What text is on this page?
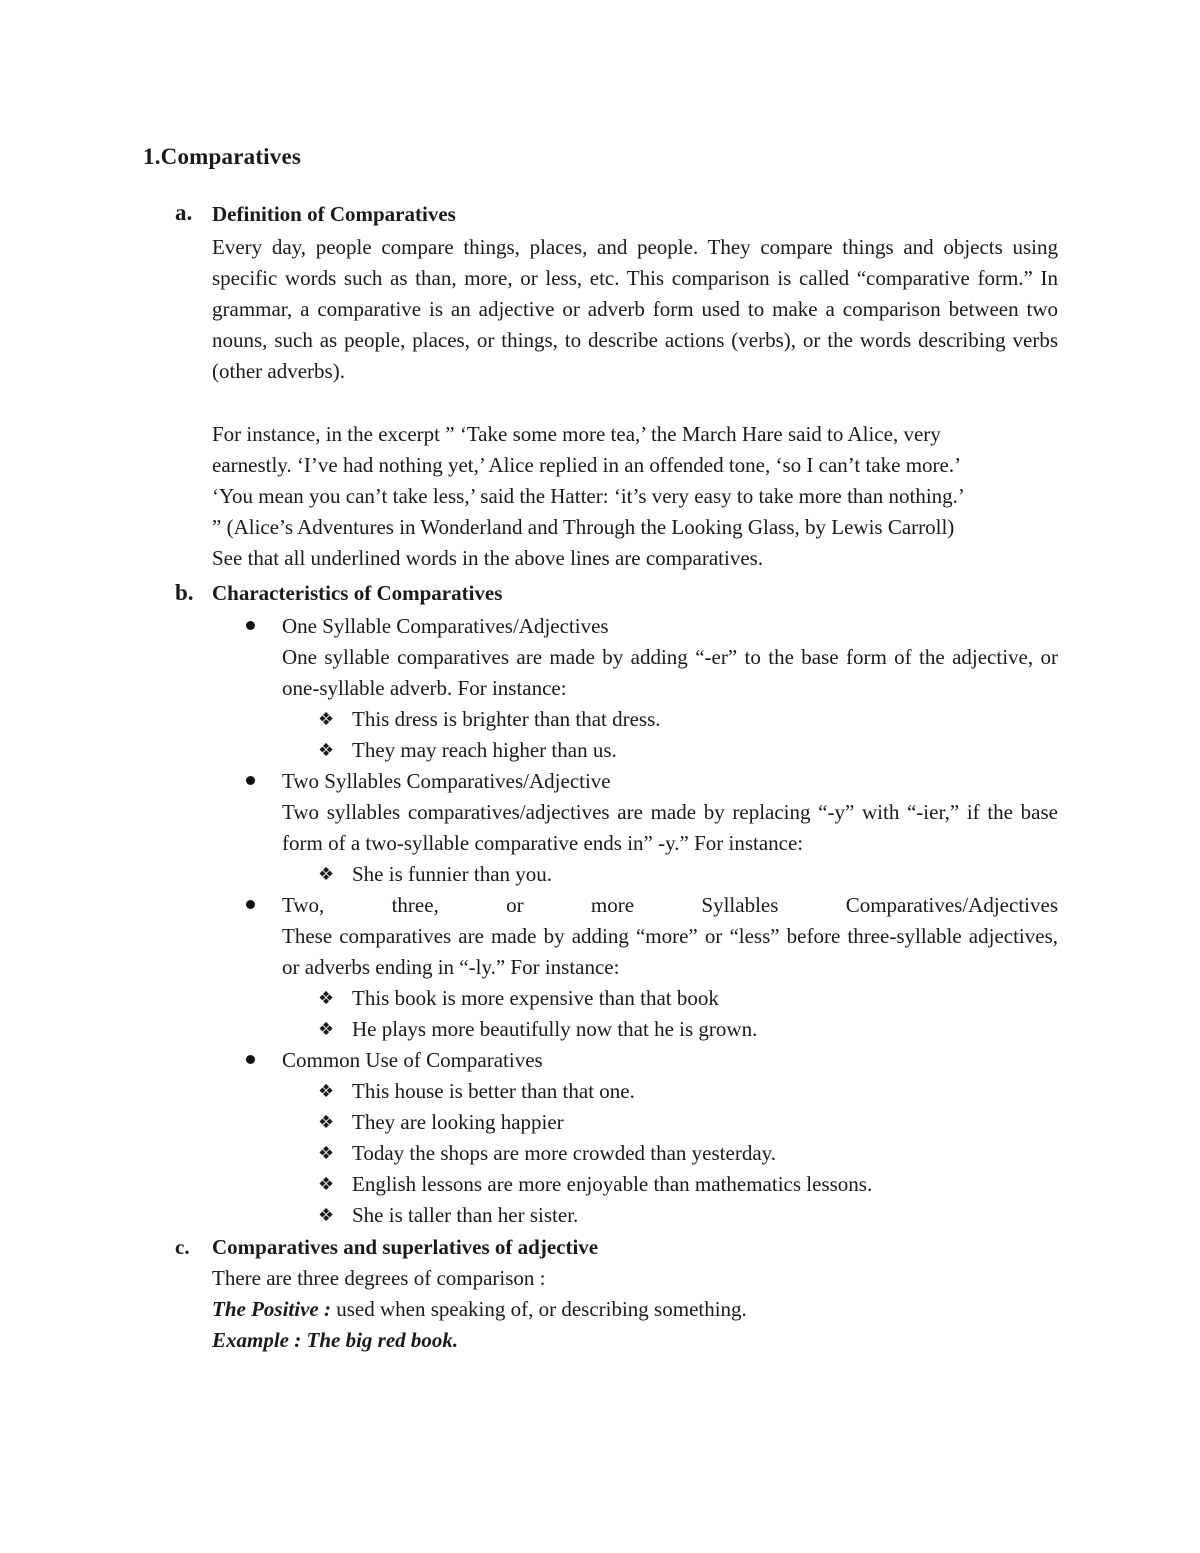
1.Comparatives
a. Definition of Comparatives
Every day, people compare things, places, and people. They compare things and objects using specific words such as than, more, or less, etc. This comparison is called “comparative form.” In grammar, a comparative is an adjective or adverb form used to make a comparison between two nouns, such as people, places, or things, to describe actions (verbs), or the words describing verbs (other adverbs).
For instance, in the excerpt ” ‘Take some more tea,’ the March Hare said to Alice, very
earnestly. ‘I’ve had nothing yet,’ Alice replied in an offended tone, ‘so I can’t take more.’
‘You mean you can’t take less,’ said the Hatter: ‘it’s very easy to take more than nothing.’
” (Alice’s Adventures in Wonderland and Through the Looking Glass, by Lewis Carroll)
See that all underlined words in the above lines are comparatives.
b. Characteristics of Comparatives
One Syllable Comparatives/Adjectives
One syllable comparatives are made by adding “-er” to the base form of the adjective, or one-syllable adverb. For instance:
❖ This dress is brighter than that dress.
❖ They may reach higher than us.
Two Syllables Comparatives/Adjective
Two syllables comparatives/adjectives are made by replacing “-y” with “-ier,” if the base form of a two-syllable comparative ends in” -y.” For instance:
❖ She is funnier than you.
Two, three, or more Syllables Comparatives/Adjectives
These comparatives are made by adding “more” or “less” before three-syllable adjectives, or adverbs ending in “-ly.” For instance:
❖ This book is more expensive than that book
❖ He plays more beautifully now that he is grown.
Common Use of Comparatives
❖ This house is better than that one.
❖ They are looking happier
❖ Today the shops are more crowded than yesterday.
❖ English lessons are more enjoyable than mathematics lessons.
❖ She is taller than her sister.
c. Comparatives and superlatives of adjective
There are three degrees of comparison :
The Positive : used when speaking of, or describing something.
Example : The big red book.
